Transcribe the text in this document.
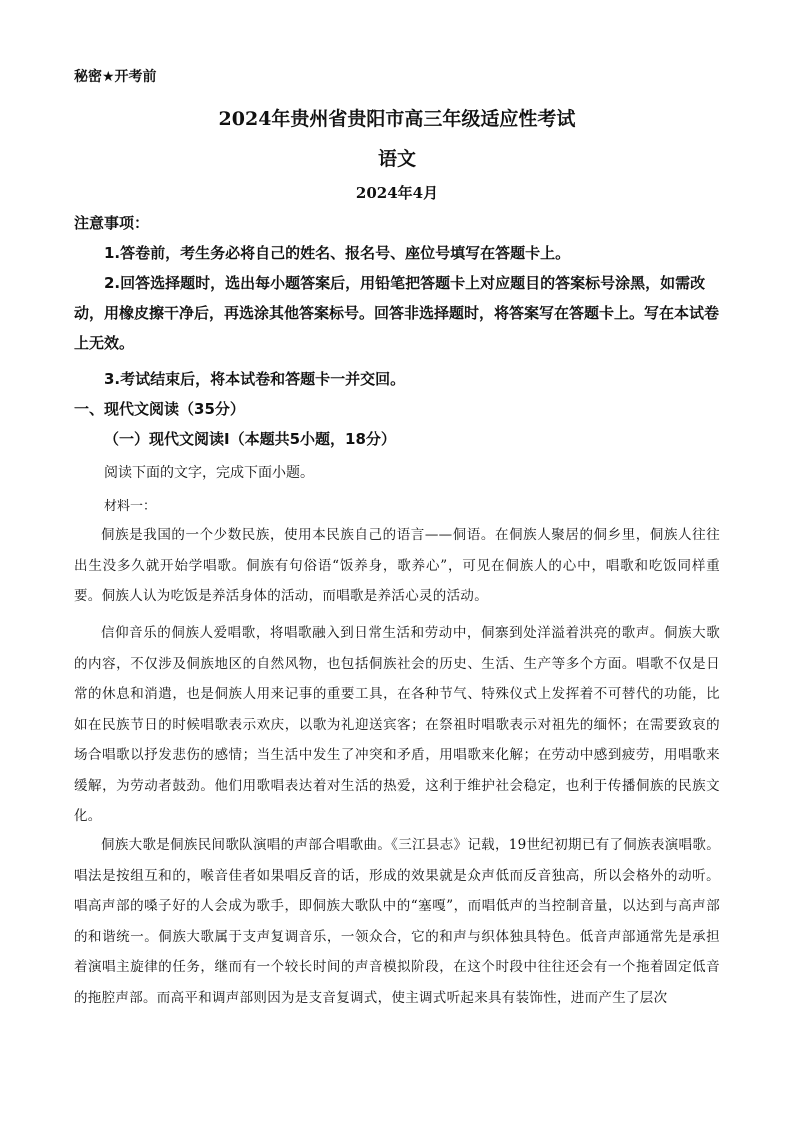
秘密★开考前
2024年贵州省贵阳市高三年级适应性考试
语文
2024年4月
注意事项：
1.答卷前，考生务必将自己的姓名、报名号、座位号填写在答题卡上。
2.回答选择题时，选出每小题答案后，用铅笔把答题卡上对应题目的答案标号涂黑，如需改动，用橡皮擦干净后，再选涂其他答案标号。回答非选择题时，将答案写在答题卡上。写在本试卷上无效。
3.考试结束后，将本试卷和答题卡一并交回。
一、现代文阅读（35分）
（一）现代文阅读Ⅰ（本题共5小题，18分）
阅读下面的文字，完成下面小题。
材料一：
侗族是我国的一个少数民族，使用本民族自己的语言——侗语。在侗族人聚居的侗乡里，侗族人往往出生没多久就开始学唱歌。侗族有句俗语“饭养身，歌养心”，可见在侗族人的心中，唱歌和吃饭同样重要。侗族人认为吃饭是养活身体的活动，而唱歌是养活心灵的活动。
信仰音乐的侗族人爱唱歌，将唱歌融入到日常生活和劳动中，侗寨到处洋溢着洪亮的歌声。侗族大歌的内容，不仅涉及侗族地区的自然风物，也包括侗族社会的历史、生活、生产等多个方面。唱歌不仅是日常的休息和消遣，也是侗族人用来记事的重要工具，在各种节气、特殊仪式上发挥着不可替代的功能，比如在民族节日的时候唱歌表示欢庆，以歌为礼迎送宾客；在祭祖时唱歌表示对祖先的缅怀；在需要致哀的场合唱歌以抒发悲伤的感情；当生活中发生了冲突和矛盾，用唱歌来化解；在劳动中感到疲劳，用唱歌来缓解，为劳动者鼓劲。他们用歌唱表达着对生活的热爱，这利于维护社会稳定，也利于传播侗族的民族文化。
侗族大歌是侗族民间歌队演唱的声部合唱歌曲。《三江县志》记载，19世纪初期已有了侗族表演唱歌。唱法是按组互和的，喉音佳者如果唱反音的话，形成的效果就是众声低而反音独高，所以会格外的动听。唱高声部的嗓子好的人会成为歌手，即侗族大歌队中的“塞嘎”，而唱低声的当控制音量，以达到与高声部的和谐统一。侗族大歌属于支声复调音乐，一领众合，它的和声与织体独具特色。低音声部通常先是承担着演唱主旋律的任务，继而有一个较长时间的声音模拟阶段，在这个时段中往往还会有一个拖着固定低音的拖腔声部。而高平和调声部则因为是支音复调式，使主调式听起来具有装饰性，进而产生了层次
